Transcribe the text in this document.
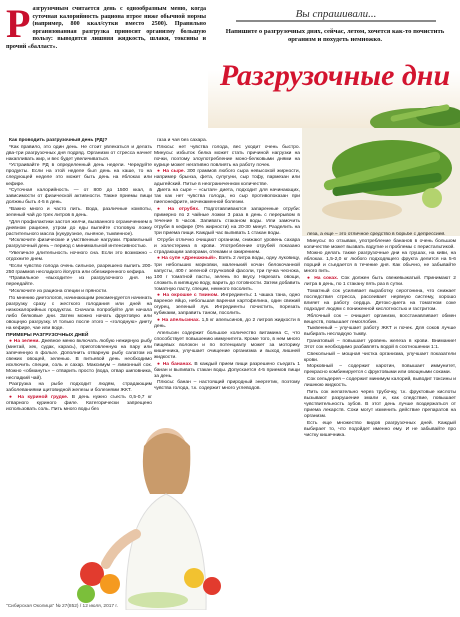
Р азгрузочным считается день с однообразным меню, когда суточная калорийность рациона втрое ниже обычной нормы (например, 800 ккал/сутки вместо 2500). Правильно организованная разгрузка приносит организму большую пользу: выводятся лишняя жидкость, шлаки, токсины и прочий «балласт».
Вы спрашивали...
Напишите о разгрузочных днях, сейчас, летом, хочется как-то почистить организм и похудеть немножко.
Разгрузочные дни

Как проводить разгрузочный день (РД)?

*Как правило, это один день. Не стоит увлекаться и делать два-три разгрузочных дня подряд. Организм от стресса начнет накапливать жир, и вес будет увеличиваться.

*Устраивайте РД в определенный день недели. Чередуйте продукты. Если на этой неделе был день на каше, то на следующей неделе это может быть день на яблоках или кефире.

*Суточная калорийность — от 800 до 1500 ккал, в зависимости от физической активности. Также приемы пищи должны быть 4-5 в день.

*Важно много и часто пить. Вода, различные компоты, зеленый чай до трех литров в день.

*Для профилактики застоя желчи, вызванного ограничением в дневном рационе, утром до еды выпейте столовую ложку растительного масла (кукурузное, льняное, тыквенное).

*Исключите физические и умственные нагрузки. Правильный разгрузочный день – период с минимальной интенсивностью.

*Увеличьте длительность ночного сна. Если это возможно – отдохните днем.

*Если чувство голода очень сильное, разрешено выпить 200-250 граммов несладкого йогурта или обезжиренного кефира.

*Правильное «выходите» из разгрузочного дня. Не переедайте.

*Исключите из рациона специи и пряности.

По мнению диетологов, начинающим рекомендуется начинать разгрузку сразу с жесткого голодания или дней на низкокалорийных продуктах. Сначала попробуйте для начала либо белковые дни. Затем можно начать фруктовую или овощную разгрузку. И только после этого – «голодную» диету на кефире, чае или воде.

ПРИМЕРЫ РАЗГРУЗОЧНЫХ ДНЕЙ

● На зелени. Дневное меню включать любую нежирную рыбу (минтай, хек, судак, карась), приготовленную на пару или запеченную в фольге. Дополнить отварную рыбу салатом из свежих овощей, зеленью. В питьевой день необходимо исключить специи, соль и сахар. Максимум – лимонный сок. Можно «обмануть» – отварить просто (вода, отвар шиповника, несладкий чай).

Разгрузка на рыбе подходит людям, страдающим заболеваниями щитовидной железы и болезнями ЖКТ.

● На куриной грудке. В день нужно съесть 0,5-0,7 кг отварного куриного филе. Категорически запрещено использовать соль. Пить много воды без

газа и чая без сахара.

Плюсы: нет чувства голода, вес уходит очень быстро. Минусы: избыток белка может стать причиной нагрузки на почки, поэтому злоупотребление моно-белковыми днями на курице может негативно повлиять на работу почек.

● На сыре. 300 граммов любого сыра невысокой жирности, например брынза, фета, сулугуни, сыр тофу, пармезан или адыгейский. Питье в неограниченном количестве.

Диета на сыре – «сытая» диета, подходит для начинающих, так как нет чувства голода, но сыр противопоказан при пиелонефрите, мочекаменной болезни.

● На отрубях. Подготавливаются запаренные отруби: примерно по 2 чайные ложки 3 раза в день с перерывом в течение 5 часов. Запивать стаканом воды. Или замочить отруби в кефире (0% жирности) на 20-30 минут. Разделить на три приема пищи. Каждый час выпивать 1 стакан воды.

Отруби отлично очищают организм, снижают уровень сахара и холестерина в крови. Употребление отрубей показано страдающим запорами, отеками и ожирением.

● На супе «Дренажный». Взять 2 литра воды, одну луковицу, три небольших морковки, маленький кочан белокочанной капусты, 400 г зеленой стручковой фасоли, три пучка чеснока, 100 г томатной пасты, зелень по вкусу. Нарезать овощи, сложить в кипящую воду, варить до готовности. Затем добавить томатную пасту, специи, немного посолить.

● На окрошке с тмином. Ингредиенты: 1 чашка тана, одно вареное яйцо, небольшая вареная картофелина, один свежий огурец, зеленый лук. Ингредиенты почистить, порезать кубиками, заправить таном, посолить.

● На апельсинах. 1,5 кг апельсинов, до 2 литров жидкости в день.

Апельсин содержит большое количество витамина С, что способствует повышению иммунитета. Кроме того, в нем много пищевых волокон и по потенциалу может за моторику кишечника, улучшает очищение организма и выход лишней жидкости.

● На бананах. В каждый прием пищи разрешено съедать 1 банан и выпивать стакан воды. Допускается 4-5 приемов пищи за день.

Плюсы: банан – настоящий природный энергетик, поэтому чувства голода, т.к. содержит много углеводов.

леза, а еще – это отличное средство в борьбе с депрессией.

Минусы: по отзывам, употребление бананов в очень большом количестве может вызвать вздутие и проблемы с перистальтикой.

Можно делать также разгрузочные дни на грушах, на киви, на яблоках. 1,5-2,0 кг любого подходящего фрукта делится на 5-6 порций и съедается в течение дня. Как обычно, не забывайте много пить.

● На соках. Сок должен быть свежевыжатый. Принимают 2 литра в день, по 1 стакану пять раз в сутки.

Томатный сок усиливает выработку серотонина, что снижает последствия стресса, рассеивает нервную систему, хорошо влияет на работу сердца. Детокс-диета на томатном соке подходит людям с пониженной кислотностью и гастритом.

Яблочный сок – очищает организм, восстанавливает обмен веществ, повышает гемоглобин.

Тыквенный – улучшает работу ЖКТ и почек. Для соков лучше выбирать несладкую тыкву.

Гранатовый – повышает уровень железа в крови. Внимание! Этот сок необходимо разбавлять водой в соотношении 1:1.

Свекольный – мощная чистка организма, улучшает показатели крови.

Морковный – содержит каротин, повышает иммунитет, прекрасно комбинируется с фруктовыми или овощными соками.

Сок сельдерея – содержит минимум калорий, выводит токсины и лишнюю жидкость.

Пить сок желательно через трубочку, т.к. фруктовые кислоты вызывают разрушение эмали и, как следствие, повышает чувствительность зубов. В этот день лучше воздержаться от приема лекарств. Соки могут изменить действие препаратов на организм.

Есть еще множество видов разгрузочных дней. Каждый выбирает то, что подойдет именно ему. И не забывайте про чистку кишечника.

"Сибирская Околица" № 27(852) / 12 июля, 2017 г.
